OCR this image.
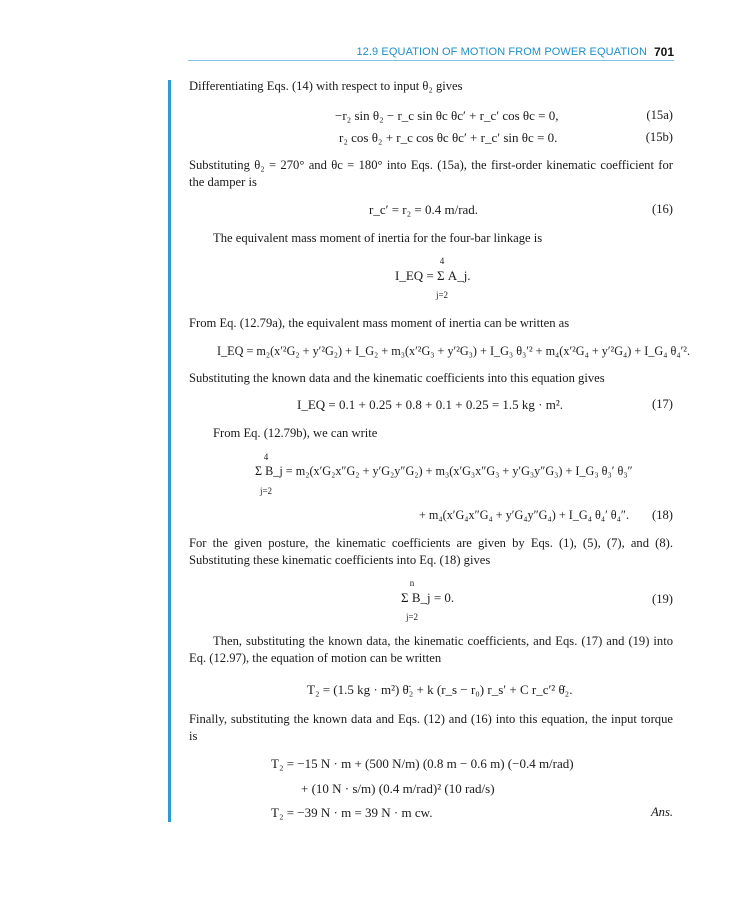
12.9 EQUATION OF MOTION FROM POWER EQUATION 701
Differentiating Eqs. (14) with respect to input θ₂ gives
−r₂ sin θ₂ − r_c sin θc θc′ + r_c′ cos θc = 0,	(15a)
r₂ cos θ₂ + r_c cos θc θc′ + r_c′ sin θc = 0.	(15b)
Substituting θ₂ = 270° and θc = 180° into Eqs. (15a), the first-order kinematic coefficient for the damper is
r_c′ = r₂ = 0.4 m/rad.	(16)
The equivalent mass moment of inertia for the four-bar linkage is
4
j=2
I_EQ = Σ A_j.
From Eq. (12.79a), the equivalent mass moment of inertia can be written as
I_EQ = m₂(x′²G₂ + y′²G₂) + I_G₂ + m₃(x′²G₃ + y′²G₃) + I_G₃ θ₃′² + m₄(x′²G₄ + y′²G₄) + I_G₄ θ₄′².
Substituting the known data and the kinematic coefficients into this equation gives
I_EQ = 0.1 + 0.25 + 0.8 + 0.1 + 0.25 = 1.5 kg · m².	(17)
From Eq. (12.79b), we can write
4
j=2
Σ B_j = m₂(x′G₂x″G₂ + y′G₂y″G₂) + m₃(x′G₃x″G₃ + y′G₃y″G₃) + I_G₃ θ₃′ θ₃″
+ m₄(x′G₄x″G₄ + y′G₄y″G₄) + I_G₄ θ₄′ θ₄″. (18)
For the given posture, the kinematic coefficients are given by Eqs. (1), (5), (7), and (8). Substituting these kinematic coefficients into Eq. (18) gives
n
j=2
Σ B_j = 0.	(19)
Then, substituting the known data, the kinematic coefficients, and Eqs. (17) and (19) into Eq. (12.97), the equation of motion can be written
T₂ = (1.5 kg · m²) θ̈₂ + k (r_s − r₀) r_s′ + C r_c′² θ̇₂.
Finally, substituting the known data and Eqs. (12) and (16) into this equation, the input torque is
T₂ = −15 N · m + (500 N/m) (0.8 m − 0.6 m) (−0.4 m/rad)
+ (10 N · s/m) (0.4 m/rad)² (10 rad/s)
T₂ = −39 N · m = 39 N · m cw.	Ans.
